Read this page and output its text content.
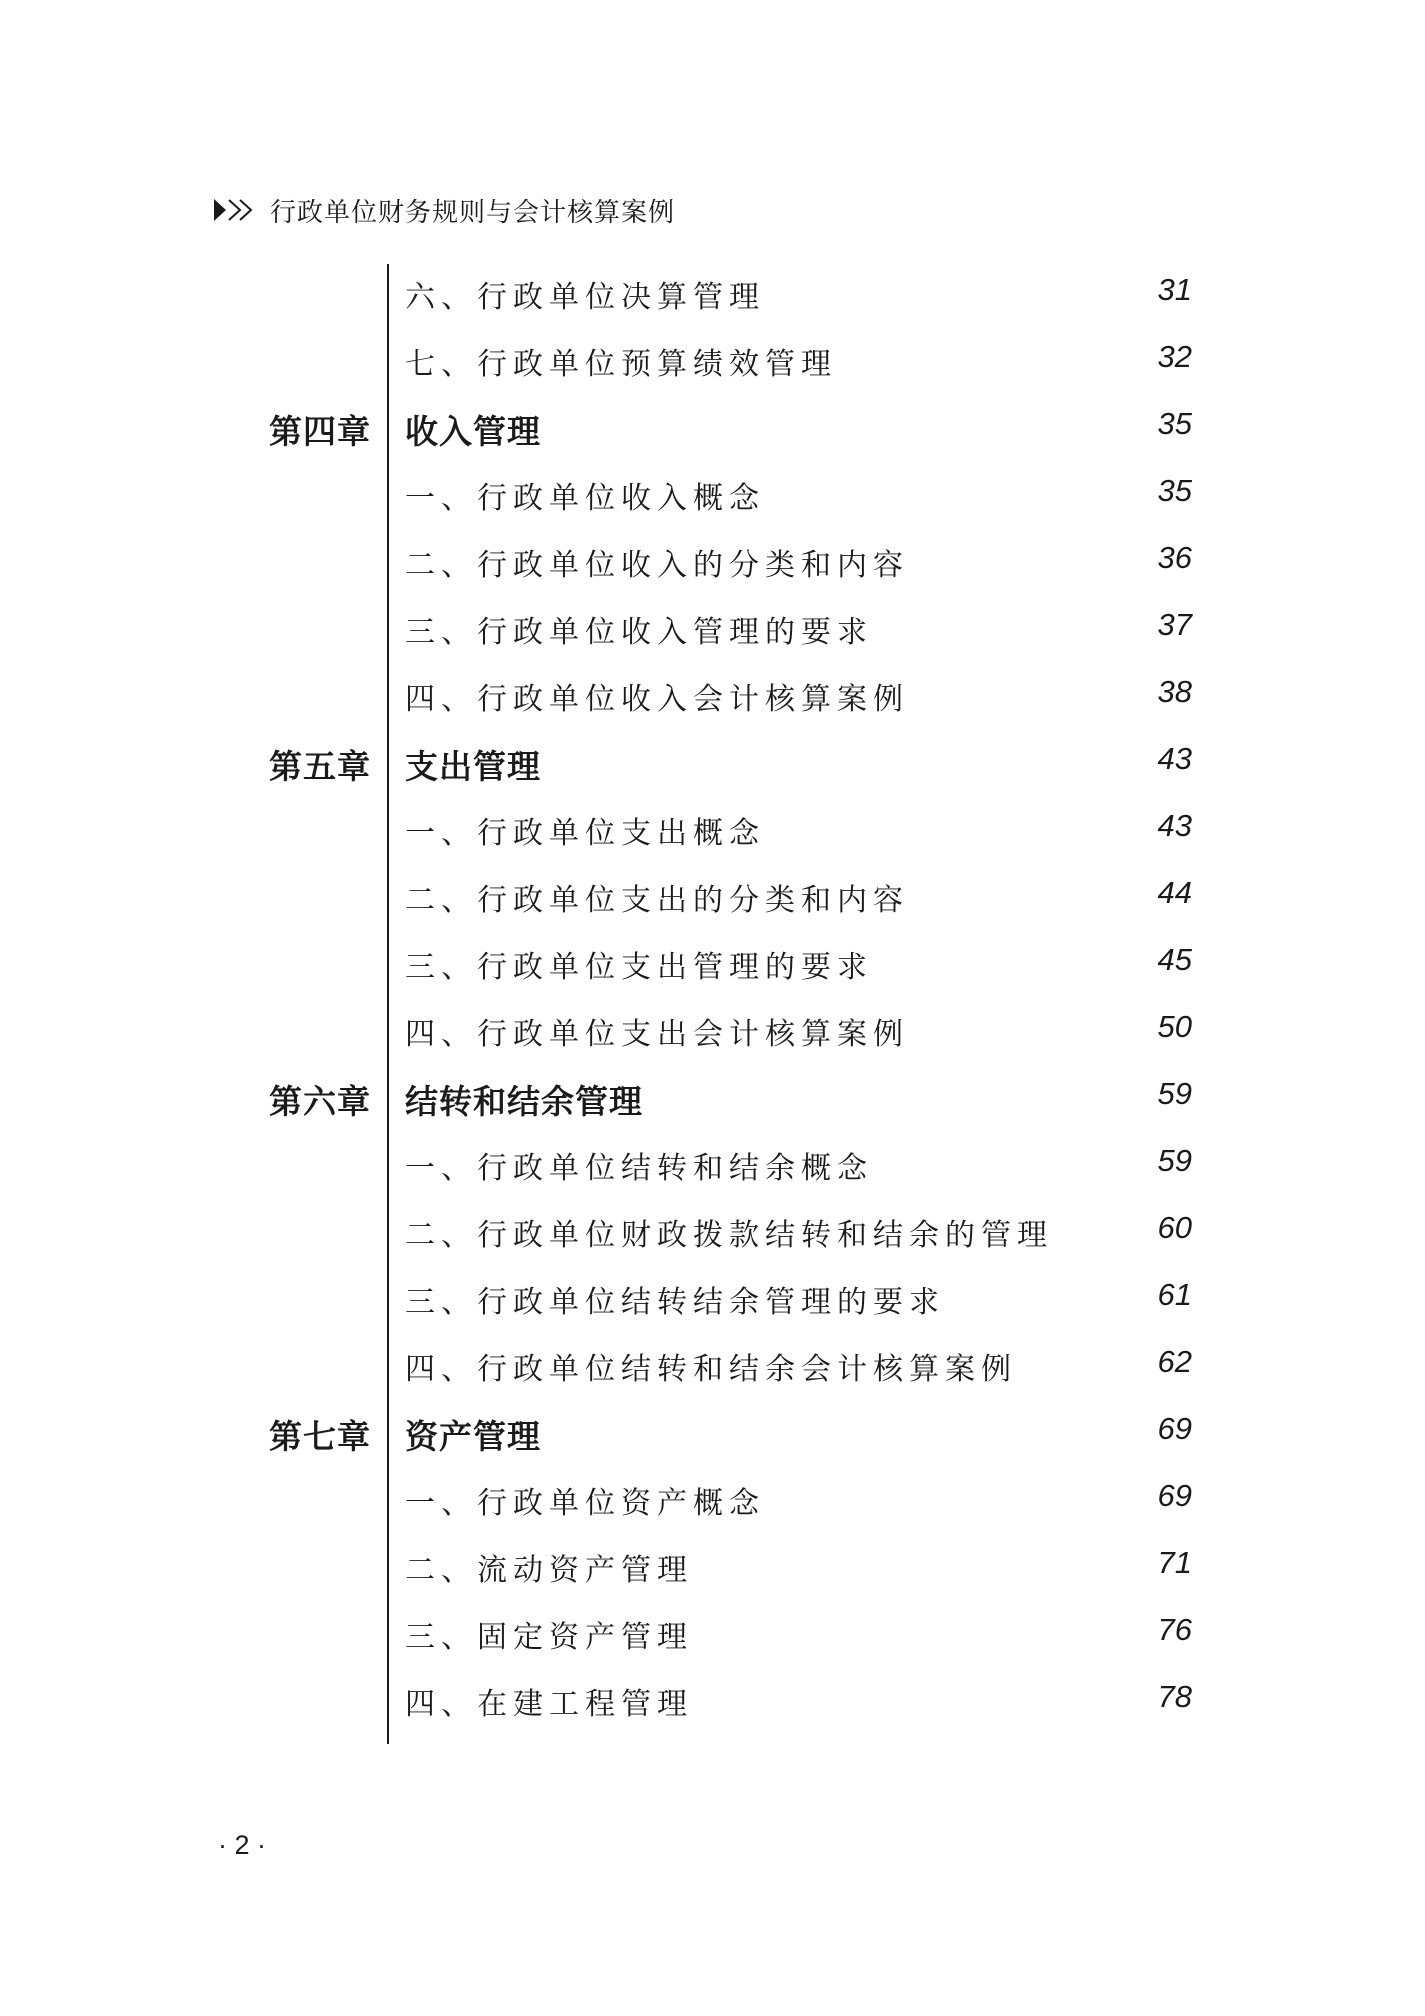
行政单位财务规则与会计核算案例
六、行政单位决算管理	31
七、行政单位预算绩效管理	32
第四章 收入管理	35
一、行政单位收入概念	35
二、行政单位收入的分类和内容	36
三、行政单位收入管理的要求	37
四、行政单位收入会计核算案例	38
第五章 支出管理	43
一、行政单位支出概念	43
二、行政单位支出的分类和内容	44
三、行政单位支出管理的要求	45
四、行政单位支出会计核算案例	50
第六章 结转和结余管理	59
一、行政单位结转和结余概念	59
二、行政单位财政拨款结转和结余的管理	60
三、行政单位结转结余管理的要求	61
四、行政单位结转和结余会计核算案例	62
第七章 资产管理	69
一、行政单位资产概念	69
二、流动资产管理	71
三、固定资产管理	76
四、在建工程管理	78
· 2 ·
